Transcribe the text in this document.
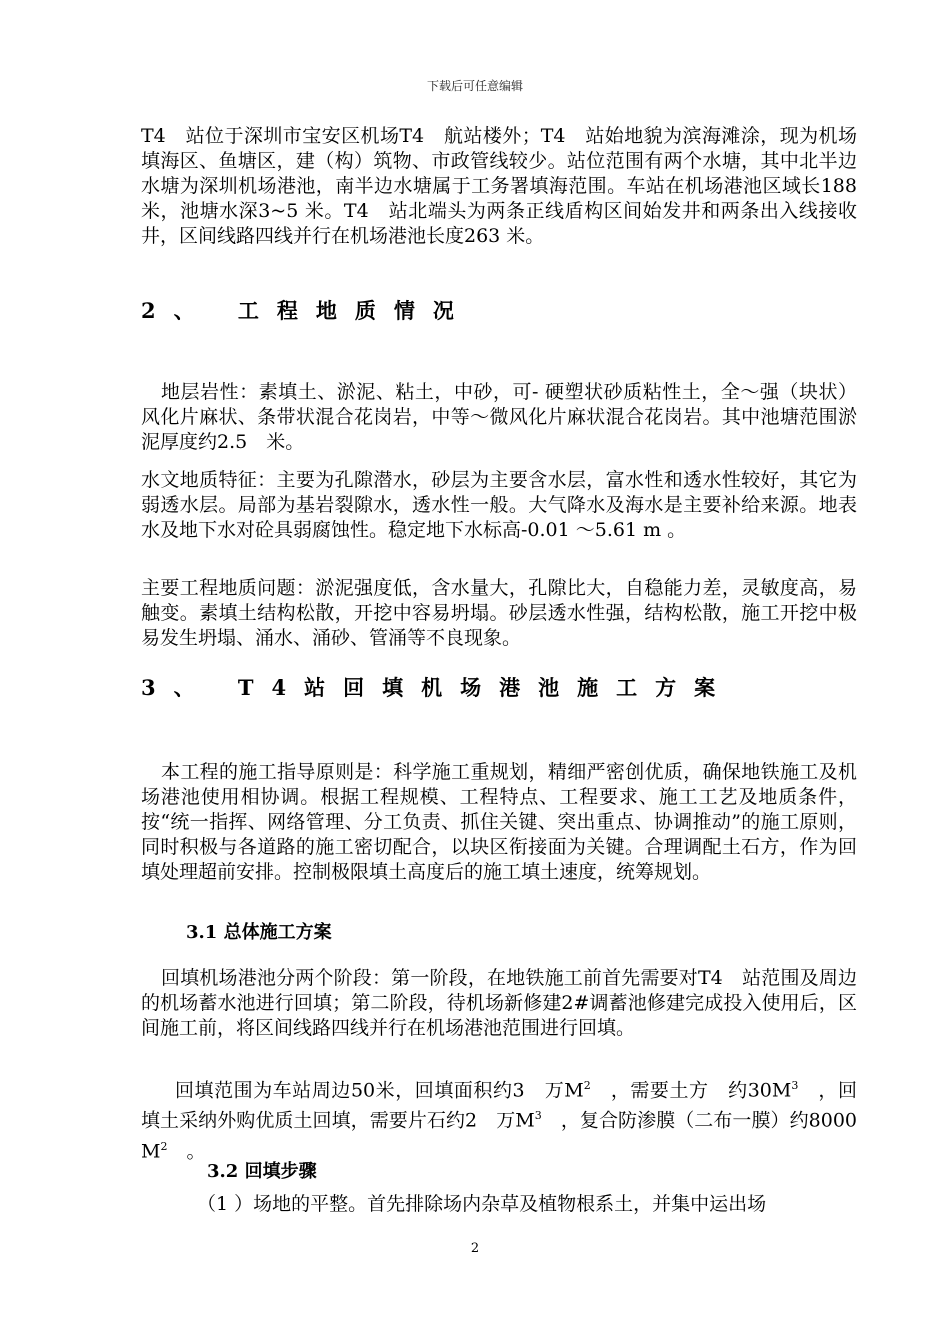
下载后可任意编辑
T4　站位于深圳市宝安区机场T4　航站楼外；T4　站始地貌为滨海滩涂，现为机场填海区、鱼塘区，建（构）筑物、市政管线较少。站位范围有两个水塘，其中北半边水塘为深圳机场港池，南半边水塘属于工务署填海范围。车站在机场港池区域长188 米，池塘水深3~5 米。T4　站北端头为两条正线盾构区间始发井和两条出入线接收井，区间线路四线并行在机场港池长度263 米。
2、 工程地质情况
地层岩性：素填土、淤泥、粘土，中砂，可- 硬塑状砂质粘性土，全～强（块状）风化片麻状、条带状混合花岗岩，中等～微风化片麻状混合花岗岩。其中池塘范围淤泥厚度约2.5　米。
水文地质特征：主要为孔隙潜水，砂层为主要含水层，富水性和透水性较好，其它为弱透水层。局部为基岩裂隙水，透水性一般。大气降水及海水是主要补给来源。地表水及地下水对砼具弱腐蚀性。稳定地下水标高-0.01 ～5.61 m 。
主要工程地质问题：淤泥强度低，含水量大，孔隙比大，自稳能力差，灵敏度高，易触变。素填土结构松散，开挖中容易坍塌。砂层透水性强，结构松散，施工开挖中极易发生坍塌、涌水、涌砂、管涌等不良现象。
3、 T4站回填机场港池施工方案
本工程的施工指导原则是：科学施工重规划，精细严密创优质，确保地铁施工及机场港池使用相协调。根据工程规模、工程特点、工程要求、施工工艺及地质条件，按“统一指挥、网络管理、分工负责、抓住关键、突出重点、协调推动”的施工原则，同时积极与各道路的施工密切配合，以块区衔接面为关键。合理调配土石方，作为回填处理超前安排。控制极限填土高度后的施工填土速度，统筹规划。
3.1 总体施工方案
回填机场港池分两个阶段：第一阶段，在地铁施工前首先需要对T4　站范围及周边的机场蓄水池进行回填；第二阶段，待机场新修建2#调蓄池修建完成投入使用后，区间施工前，将区间线路四线并行在机场港池范围进行回填。
回填范围为车站周边50米，回填面积约3　万$M^2$　，需要土方　约$30M^3$　，回填土采纳外购优质土回填，需要片石约2　万$M^3$　，复合防渗膜（二布一膜）约8000 $M^2$　。
3.2 回填步骤
（1 ）场地的平整。首先排除场内杂草及植物根系土，并集中运出场
2
